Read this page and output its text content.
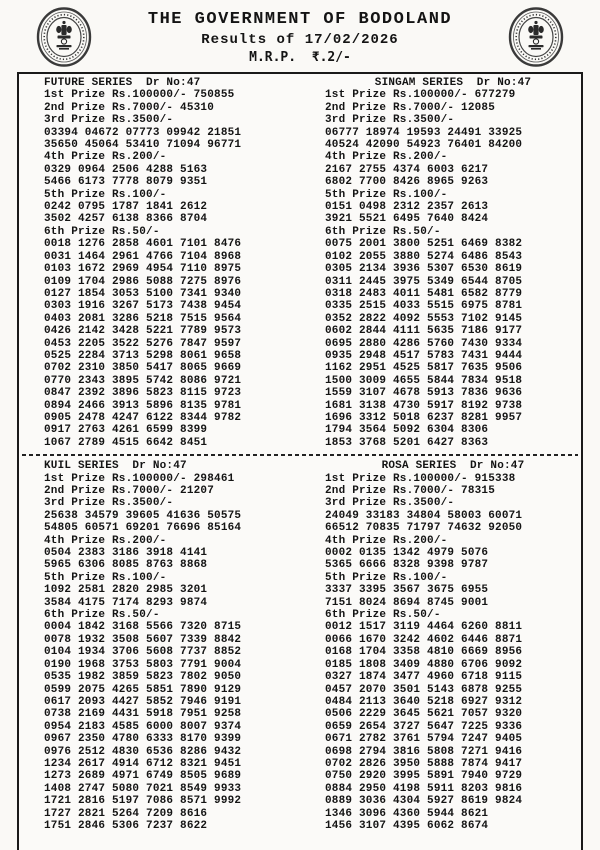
THE GOVERNMENT OF BODOLAND
Results of 17/02/2026
M.R.P.  ₹.2/-
FUTURE SERIES  Dr No:47
1st Prize Rs.100000/- 750855
2nd Prize Rs.7000/- 45310
3rd Prize Rs.3500/-
03394 04672 07773 09942 21851
35650 45064 53410 71094 96771
4th Prize Rs.200/-
0329 0964 2506 4288 5163
5466 6173 7778 8079 9351
5th Prize Rs.100/-
0242 0795 1787 1841 2612
3502 4257 6138 8366 8704
6th Prize Rs.50/-
0018 1276 2858 4601 7101 8476
0031 1464 2961 4766 7104 8968
0103 1672 2969 4954 7110 8975
0109 1704 2986 5088 7275 8976
0127 1854 3053 5100 7341 9340
0303 1916 3267 5173 7438 9454
0403 2081 3286 5218 7515 9564
0426 2142 3428 5221 7789 9573
0453 2205 3522 5276 7847 9597
0525 2284 3713 5298 8061 9658
0702 2310 3850 5417 8065 9669
0770 2343 3895 5742 8086 9721
0847 2392 3896 5823 8115 9723
0894 2466 3913 5896 8135 9781
0905 2478 4247 6122 8344 9782
0917 2763 4261 6599 8399
1067 2789 4515 6642 8451
SINGAM SERIES  Dr No:47
1st Prize Rs.100000/- 677279
2nd Prize Rs.7000/- 12085
3rd Prize Rs.3500/-
06777 18974 19593 24491 33925
40524 42090 54923 76401 84200
4th Prize Rs.200/-
2167 2755 4374 6003 6217
6802 7700 8426 8965 9263
5th Prize Rs.100/-
0151 0498 2312 2357 2613
3921 5521 6495 7640 8424
6th Prize Rs.50/-
0075 2001 3800 5251 6469 8382
0102 2055 3880 5274 6486 8543
0305 2134 3936 5307 6530 8619
0311 2445 3975 5349 6544 8705
0318 2483 4011 5481 6582 8779
0335 2515 4033 5515 6975 8781
0352 2822 4092 5553 7102 9145
0602 2844 4111 5635 7186 9177
0695 2880 4286 5760 7430 9334
0935 2948 4517 5783 7431 9444
1162 2951 4525 5817 7635 9506
1500 3009 4655 5844 7834 9518
1559 3107 4678 5913 7836 9636
1681 3138 4730 5917 8192 9738
1696 3312 5018 6237 8281 9957
1794 3564 5092 6304 8306
1853 3768 5201 6427 8363
KUIL SERIES  Dr No:47
1st Prize Rs.100000/- 298461
2nd Prize Rs.7000/- 21207
3rd Prize Rs.3500/-
25638 34579 39605 41636 50575
54805 60571 69201 76696 85164
4th Prize Rs.200/-
0504 2383 3186 3918 4141
5965 6306 8085 8763 8868
5th Prize Rs.100/-
1092 2581 2820 2985 3201
3584 4175 7174 8293 9874
6th Prize Rs.50/-
0004 1842 3168 5566 7320 8715
0078 1932 3508 5607 7339 8842
0104 1934 3706 5608 7737 8852
0190 1968 3753 5803 7791 9004
0535 1982 3859 5823 7802 9050
0599 2075 4265 5851 7890 9129
0617 2093 4427 5852 7946 9191
0738 2169 4431 5918 7951 9258
0954 2183 4585 6000 8007 9374
0967 2350 4780 6333 8170 9399
0976 2512 4830 6536 8286 9432
1234 2617 4914 6712 8321 9451
1273 2689 4971 6749 8505 9689
1408 2747 5080 7021 8549 9933
1721 2816 5197 7086 8571 9992
1727 2821 5264 7209 8616
1751 2846 5306 7237 8622
ROSA SERIES  Dr No:47
1st Prize Rs.100000/- 915338
2nd Prize Rs.7000/- 78315
3rd Prize Rs.3500/-
24049 33183 34804 58003 60071
66512 70835 71797 74632 92050
4th Prize Rs.200/-
0002 0135 1342 4979 5076
5365 6666 8328 9398 9787
5th Prize Rs.100/-
3337 3395 3567 3675 6955
7151 8024 8694 8745 9001
6th Prize Rs.50/-
0012 1517 3119 4464 6260 8811
0066 1670 3242 4602 6446 8871
0168 1704 3358 4810 6669 8956
0185 1808 3409 4880 6706 9092
0327 1874 3477 4960 6718 9115
0457 2070 3501 5143 6878 9255
0484 2113 3640 5218 6927 9312
0506 2229 3645 5621 7057 9320
0659 2654 3727 5647 7225 9336
0671 2782 3761 5794 7247 9405
0698 2794 3816 5808 7271 9416
0702 2826 3950 5888 7874 9417
0750 2920 3995 5891 7940 9729
0884 2950 4198 5911 8203 9816
0889 3036 4304 5927 8619 9824
1346 3096 4360 5944 8621
1456 3107 4395 6062 8674
